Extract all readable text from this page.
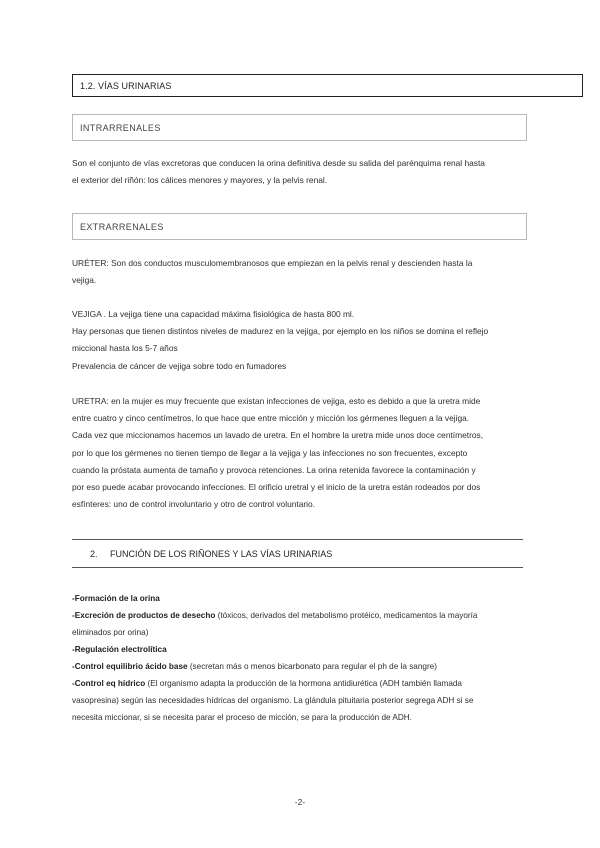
1.2. VÍAS URINARIAS
INTRARRENALES
Son el conjunto de vías excretoras que conducen la orina definitiva desde su salida del parénquima renal hasta
el exterior del riñón: los cálices menores y mayores, y la pelvis renal.
EXTRARRENALES
URÉTER: Son dos conductos musculomembranosos que empiezan en la pelvis renal y descienden hasta la
vejiga.
VEJIGA . La vejiga tiene una capacidad máxima fisiológica de hasta 800 ml.
Hay personas que tienen distintos niveles de madurez en la vejiga, por ejemplo en los niños se domina el reflejo
miccional hasta los 5-7 años
Prevalencia de cáncer de vejiga sobre todo en fumadores
URETRA: en la mujer es muy frecuente que existan infecciones de vejiga, esto es debido a que la uretra mide
entre cuatro y cinco centímetros, lo que hace que entre micción y micción los gérmenes lleguen a la vejiga.
Cada vez que miccionamos hacemos un lavado de uretra. En el hombre la uretra mide unos doce centímetros,
por lo que los gérmenes no tienen tiempo de llegar a la vejiga y las infecciones no son frecuentes, excepto
cuando la próstata aumenta de tamaño y provoca retenciones. La orina retenida favorece la contaminación y
por eso puede acabar provocando infecciones. El orificio uretral y el inicio de la uretra están rodeados por dos
esfínteres: uno de control involuntario y otro de control voluntario.
2.	FUNCIÓN DE LOS RIÑONES Y LAS VÍAS URINARIAS
-Formación de la orina
-Excreción de productos de desecho (tóxicos, derivados del metabolismo protéico, medicamentos la mayoría
eliminados por orina)
-Regulación electrolítica
-Control equilibrio ácido base (secretan más o menos bicarbonato para regular el ph de la sangre)
-Control eq hídrico (El organismo adapta la producción de la hormona antidiurética (ADH también llamada
vasopresina) según las necesidades hídricas del organismo. La glándula pituitaria posterior segrega ADH si se
necesita miccionar, si se necesita parar el proceso de micción, se para la producción de ADH.
-2-
